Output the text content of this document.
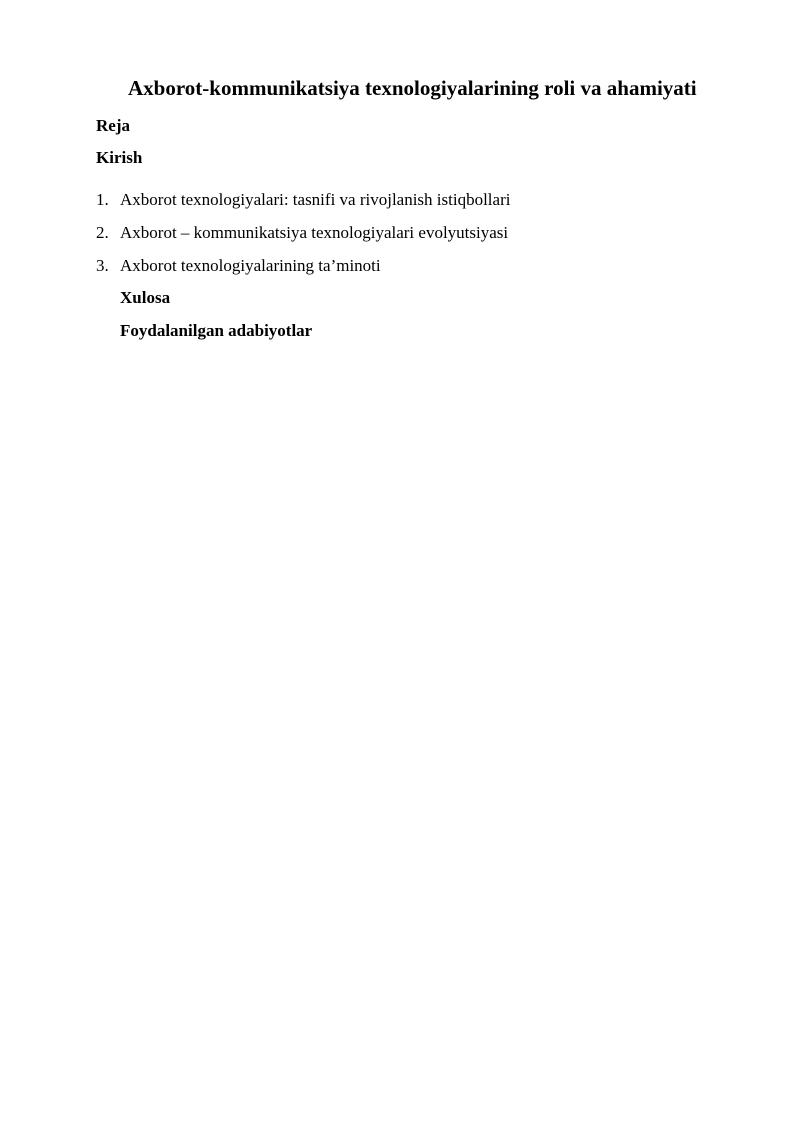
Axborot-kommunikatsiya texnologiyalarining roli va ahamiyati
Reja
Kirish
1. Axborot texnologiyalari: tasnifi va rivojlanish istiqbollari
2. Axborot – kommunikatsiya texnologiyalari evolyutsiyasi
3. Axborot texnologiyalarining ta’minoti
Xulosa
Foydalanilgan adabiyotlar
